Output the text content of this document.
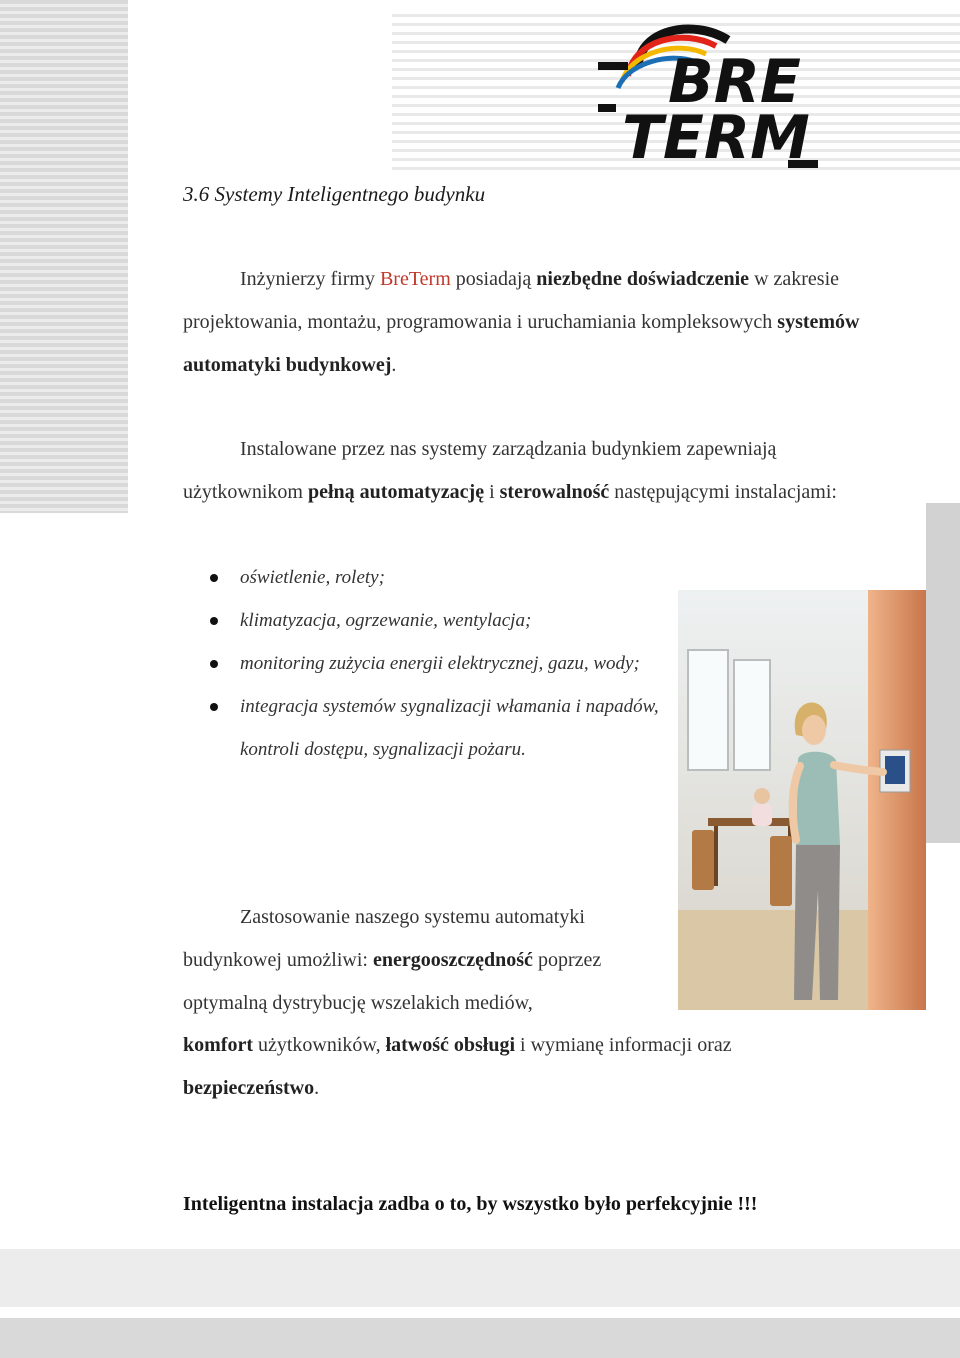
BRE
TERM
3.6 Systemy Inteligentnego budynku

Inżynierzy firmy BreTerm posiadają niezbędne doświadczenie w zakresie projektowania, montażu, programowania i uruchamiania kompleksowych systemów automatyki budynkowej.

Instalowane przez nas systemy zarządzania budynkiem zapewniają użytkownikom pełną automatyzację i sterowalność następującymi instalacjami:

oświetlenie, rolety;
klimatyzacja, ogrzewanie, wentylacja;
monitoring zużycia energii elektrycznej, gazu, wody;
integracja systemów sygnalizacji włamania i napadów, kontroli dostępu, sygnalizacji pożaru.

Zastosowanie naszego systemu automatyki budynkowej umożliwi: energooszczędność poprzez optymalną dystrybucję wszelakich mediów,

komfort użytkowników, łatwość obsługi i wymianę informacji oraz
bezpieczeństwo.

Inteligentna instalacja zadba o to, by wszystko było perfekcyjnie !!!
